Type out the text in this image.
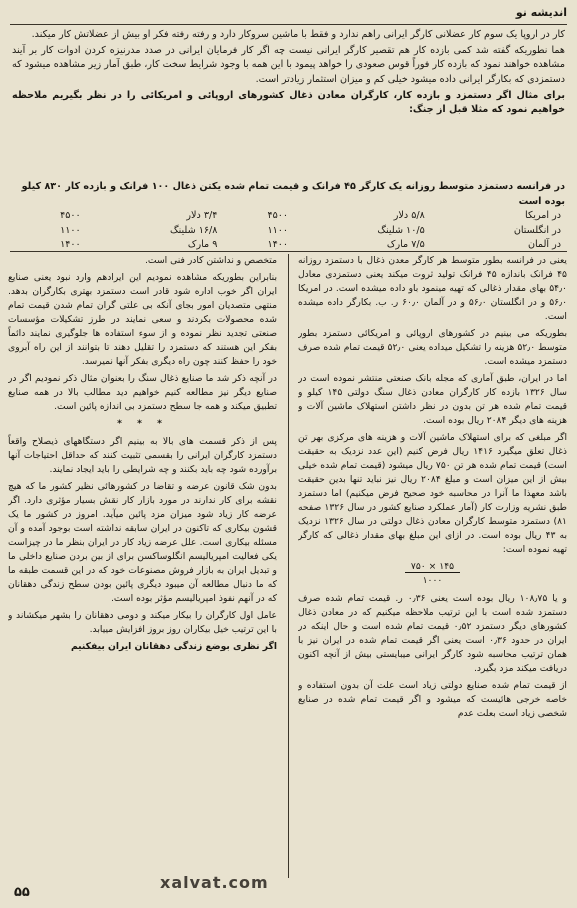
اندیشه نو

کار در اروپا یک سوم کار عضلانی کارگر ایرانی راهم ندارد و فقط با ماشین سروکار دارد و رفته رفته فکر او بیش از عضلاتش کار میکند.

هما نطوریکه گفته شد کمی بازده کار هم تقصیر کارگر ایرانی نیست چه اگر کار فرمایان ایرانی در صدد مدرنیزه کردن ادوات کار بر آیند مشاهده خواهند نمود که بازده کار فوراً قوس صعودی را خواهد پیمود با این همه با وجود شرایط سخت کار، طبق آمار زیر مشاهده میشود که دستمزدی که بکارگر ایرانی داده میشود خیلی کم و میزان استثمار زیادتر است.

برای مثال اگر دستمزد و بازده کار، کارگران معادن ذغال کشورهای اروپائی و امریکائی را در نظر بگیریم ملاحظه خواهیم نمود که مثلا قبل از جنگ:

در فرانسه دستمزد متوسط روزانه یک کارگر ۴۵ فرانک و قیمت تمام شده یکتن ذغال ۱۰۰ فرانک و بازده کار ۸۳۰ کیلو بوده است
در امریکا	۵/۸ دلار	۴۵۰۰	۳/۴ دلار	۴۵۰۰
در انگلستان	۱۰/۵ شلینگ	۱۱۰۰	۱۶/۸ شلینگ	۱۱۰۰
در آلمان	۷/۵ مارک	۱۴۰۰	۹ مارک	۱۴۰۰

یعنی در فرانسه بطور متوسط هر کارگر معدن ذغال با دستمزد روزانه ۴۵ فرانک باندازه ۴۵ فرانک تولید ثروت میکند یعنی دستمزدی معادل ۵۴٫۰ بهای مقدار ذغالی که تهیه مینمود باو داده میشده است. در امریکا ۵۶٫۰ و در انگلستان ۵۶٫۰ و در آلمان ۶۰٫۰ ر. ب. بکارگر داده میشده است.

بطوریکه می بینیم در کشورهای اروپائی و امریکائی دستمزد بطور متوسط ۵۲٫۰ هزینه را تشکیل میداده یعنی ۵۲٫۰ قیمت تمام شده صرف دستمزد میشده است.

اما در ایران، طبق آماری که مجله بانک صنعتی منتشر نموده است در سال ۱۳۲۶ بازده کار کارگران معادن ذغال سنگ دولتی ۱۴۵ کیلو و قیمت تمام شده هر تن بدون در نظر داشتن استهلاک ماشین آلات و هزینه های دیگر ۲۰۸۴ ریال بوده است.

اگر مبلغی که برای استهلاک ماشین آلات و هزینه های مرکزی بهر تن ذغال تعلق میگیرد ۱۴۱۶ ریال فرض کنیم (این عدد نزدیک به حقیقت است) قیمت تمام شده هر تن ۷۵۰ ریال میشود (قیمت تمام شده خیلی بیش از این میزان است و مبلغ ۲۰۸۴ ریال نیز نباید تنها بدین حقیقت باشد معهذا ما آنرا در محاسبه خود صحیح فرض میکنیم) اما دستمزد طبق نشریه وزارت کار (آمار عملکرد صنایع کشور در سال ۱۳۲۶ صفحه ۸۱) دستمزد متوسط کارگران معادن ذغال دولتی در سال ۱۳۲۶ نزدیک به ۴۳ ریال بوده است. در ازای این مبلغ بهای مقدار ذغالی که کارگر تهیه نموده است:

۱۴۵ × ۷۵۰
۱۰۰۰

و یا ۱۰۸٫۷۵ ریال بوده است یعنی ۰٫۳۶ ر. قیمت تمام شده صرف دستمزد شده است با این ترتیب ملاحظه میکنیم که در معادن ذغال کشورهای دیگر دستمزد ۰٫۵۲ قیمت تمام شده است و حال اینکه در ایران در حدود ۰٫۳۶ است یعنی اگر قیمت تمام شده در ایران نیز با همان ترتیب محاسبه شود کارگر ایرانی میبایستی بیش از آنچه اکنون دریافت میکند مزد بگیرد.

از قیمت تمام شده صنایع دولتی زیاد است علت آن بدون استفاده و خاصه خرجی هائیست که میشود و اگر قیمت تمام شده در صنایع شخصی زیاد است بعلت عدم

متخصص و نداشتن کادر فنی است.

بنابراین بطوریکه مشاهده نمودیم این ایرادهم وارد نبود یعنی صنایع ایران اگر خوب اداره شود قادر است دستمزد بهتری بکارگران بدهد. منتهی متصدیان امور بجای آنکه بی علتی گران تمام شدن قیمت تمام شده محصولات بکردند و سعی نمایند در طرز تشکیلات مؤسسات صنعتی تجدید نظر نموده و از سوء استفاده ها جلوگیری نمایند دائماً بفکر این هستند که دستمزد را تقلیل دهند تا بتوانند از این راه آبروی خود را حفظ کنند چون راه دیگری بفکر آنها نمیرسد.

در آنچه ذکر شد ما صنایع ذغال سنگ را بعنوان مثال ذکر نمودیم اگر در صنایع دیگر نیز مطالعه کنیم خواهیم دید مطالب بالا در همه صنایع تطبیق میکند و همه جا سطح دستمزد بی اندازه پائین است.

* * *

پس از ذکر قسمت های بالا به بینیم اگر دستگاههای ذیصلاح واقعاً دستمزد کارگران ایرانی را بقسمی تثبیت کنند که حداقل احتیاجات آنها برآورده شود چه باید بکنند و چه شرایطی را باید ایجاد نمایند.

بدون شک قانون عرضه و تقاضا در کشورهائی نظیر کشور ما که هیچ نقشه برای کار ندارند در مورد بازار کار نقش بسیار مؤثری دارد. اگر عرضه کار زیاد شود میزان مزد پائین میآید. امروز در کشور ما یک قشون بیکاری که تاکنون در ایران سابقه نداشته است بوجود آمده و آن مسئله بیکاری است. علل عرضه زیاد کار در ایران بنظر ما در چیزاست یکی فعالیت امپریالیسم انگلوساکسن برای از بین بردن صنایع داخلی ما و تبدیل ایران به بازار فروش مصنوعات خود که در این قسمت طبقه ما که ما دنبال مطالعه آن میبود دیگری پائین بودن سطح زندگی دهقانان که در آنهم نفوذ امپریالیسم مؤثر بوده است.

عامل اول کارگران را بیکار میکند و دومی دهقانان را بشهر میکشاند و با این ترتیب خیل بیکاران روز بروز افزایش مییابد.

اگر نظری بوضع زندگی دهقانان ایران بیفکنیم

xalvat.com
۵۵
